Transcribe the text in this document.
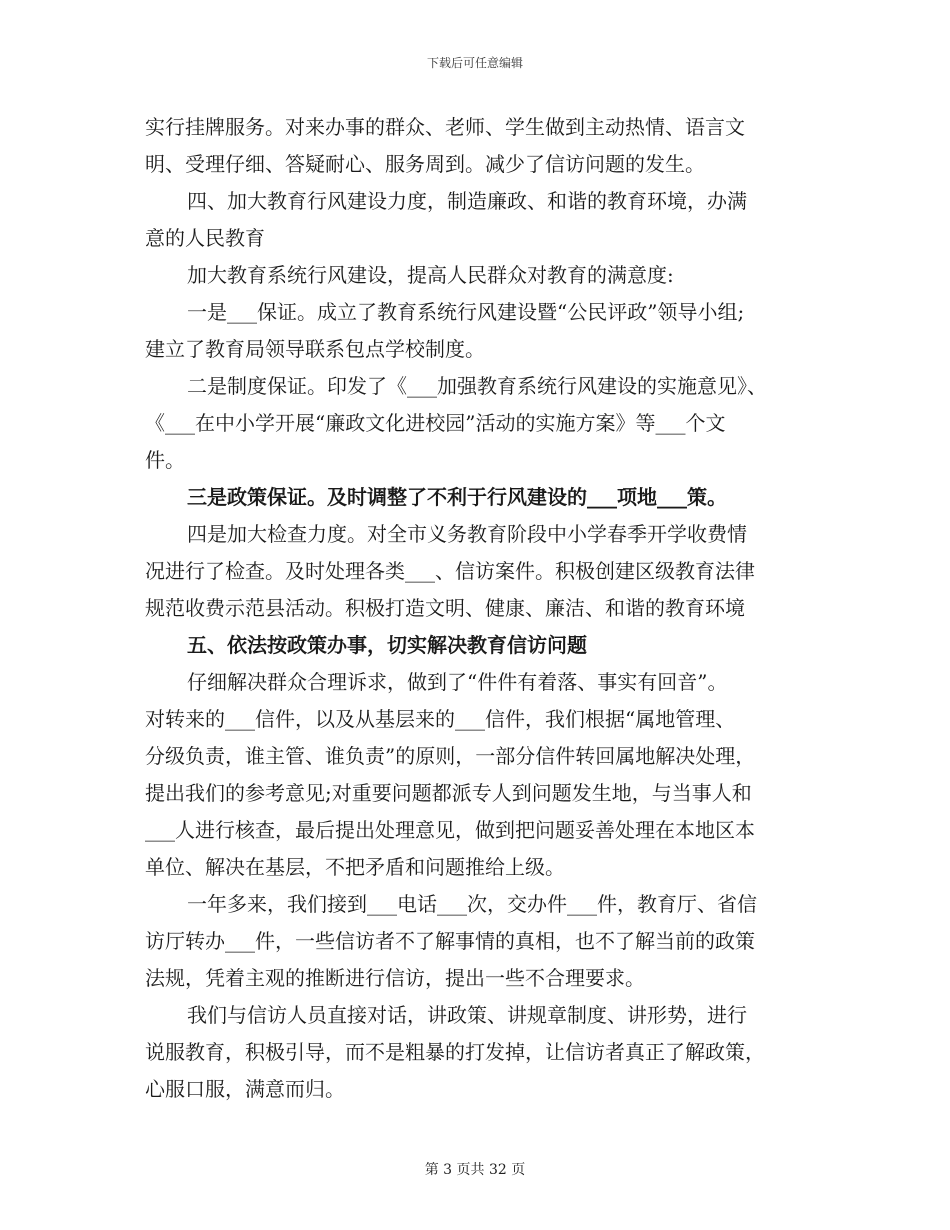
下载后可任意编辑
实行挂牌服务。对来办事的群众、老师、学生做到主动热情、语言文
明、受理仔细、答疑耐心、服务周到。减少了信访问题的发生。
四、加大教育行风建设力度，制造廉政、和谐的教育环境，办满
意的人民教育
加大教育系统行风建设，提高人民群众对教育的满意度:
一是___保证。成立了教育系统行风建设暨“公民评政”领导小组;
建立了教育局领导联系包点学校制度。
二是制度保证。印发了《___加强教育系统行风建设的实施意见》、
《___在中小学开展“廉政文化进校园”活动的实施方案》等___个文
件。
三是政策保证。及时调整了不利于行风建设的___项地___策。
四是加大检查力度。对全市义务教育阶段中小学春季开学收费情
况进行了检查。及时处理各类___、信访案件。积极创建区级教育法律
规范收费示范县活动。积极打造文明、健康、廉洁、和谐的教育环境
五、依法按政策办事，切实解决教育信访问题
仔细解决群众合理诉求，做到了“件件有着落、事实有回音”。
对转来的___信件，以及从基层来的___信件，我们根据“属地管理、
分级负责，谁主管、谁负责”的原则，一部分信件转回属地解决处理，
提出我们的参考意见;对重要问题都派专人到问题发生地，与当事人和
___人进行核查，最后提出处理意见，做到把问题妥善处理在本地区本
单位、解决在基层，不把矛盾和问题推给上级。
一年多来，我们接到___电话___次，交办件___件，教育厅、省信
访厅转办___件，一些信访者不了解事情的真相，也不了解当前的政策
法规，凭着主观的推断进行信访，提出一些不合理要求。
我们与信访人员直接对话，讲政策、讲规章制度、讲形势，进行
说服教育，积极引导，而不是粗暴的打发掉，让信访者真正了解政策，
心服口服，满意而归。
第 3 页共 32 页
